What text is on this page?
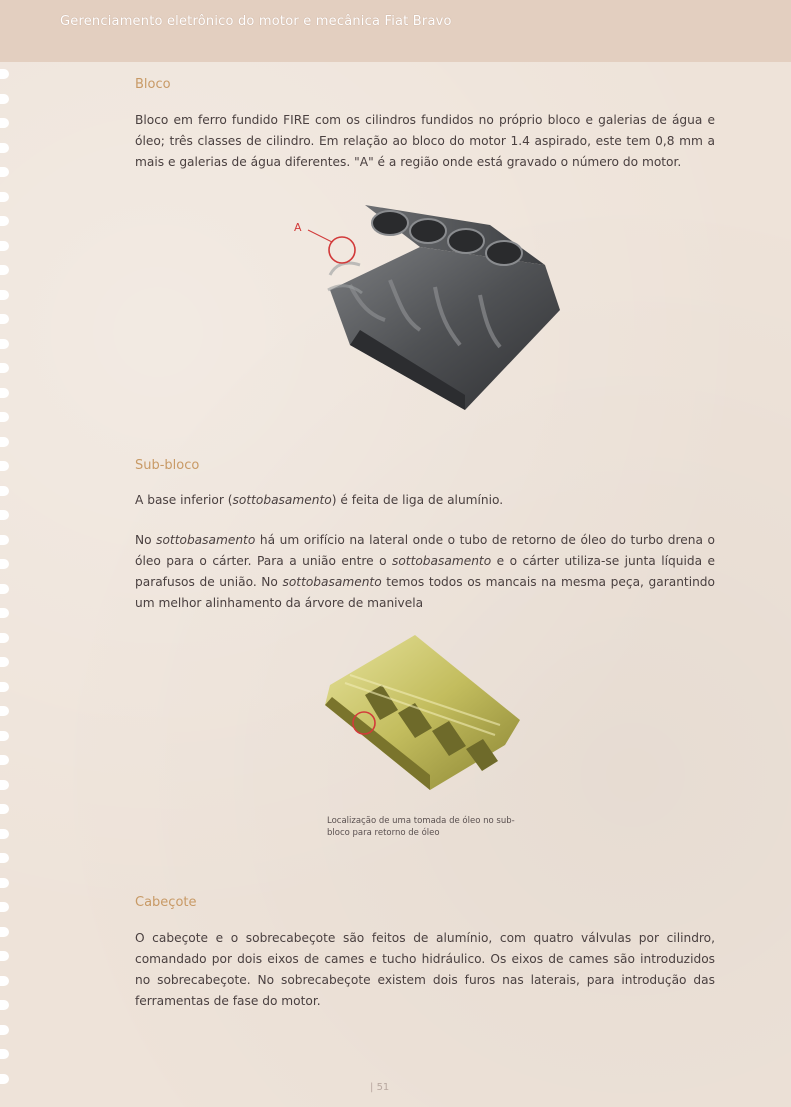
Gerenciamento eletrônico do motor e mecânica Fiat Bravo
Bloco

Bloco em ferro fundido FIRE com os cilindros fundidos no próprio bloco e galerias de água e óleo; três classes de cilindro. Em relação ao bloco do motor 1.4 aspirado, este tem 0,8 mm a mais e galerias de água diferentes. "A" é a região onde está gravado o número do motor.

A
Sub-bloco

A base inferior (sottobasamento) é feita de liga de alumínio.

No sottobasamento há um orifício na lateral onde o tubo de retorno de óleo do turbo drena o óleo para o cárter. Para a união entre o sottobasamento e o cárter utiliza-se junta líquida e parafusos de união. No sottobasamento temos todos os mancais na mesma peça, garantindo um melhor alinhamento da árvore de manivela

Localização de uma tomada de óleo no sub-bloco para retorno de óleo
Cabeçote

O cabeçote e o sobrecabeçote são feitos de alumínio, com quatro válvulas por cilindro, comandado por dois eixos de cames e tucho hidráulico. Os eixos de cames são introduzidos no sobrecabeçote. No sobrecabeçote existem dois furos nas laterais, para introdução das ferramentas de fase do motor.

| 51
